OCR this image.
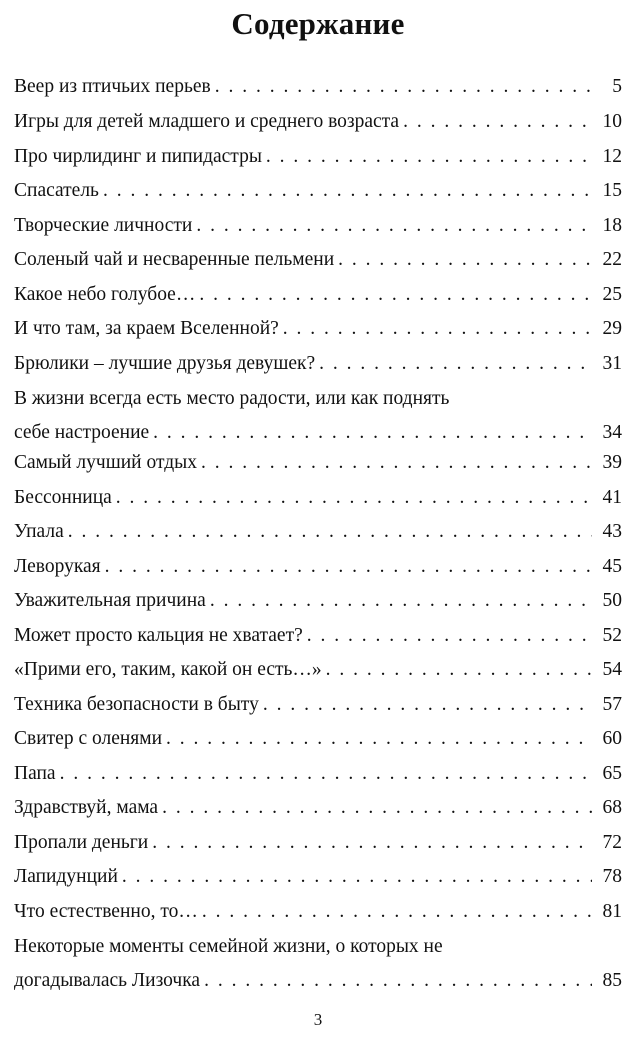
Содержание
Веер из птичьих перьев . . .	5
Игры для детей младшего и среднего возраста . . .	10
Про чирлидинг и пипидастры . . .	12
Спасатель . . .	15
Творческие личности . . .	18
Соленый чай и несваренные пельмени . . .	22
Какое небо голубое… . . .	25
И что там, за краем Вселенной? . . .	29
Брюлики – лучшие друзья девушек? . . .	31
В жизни всегда есть место радости, или как поднять
себе настроение . . .	34
Самый лучший отдых . . .	39
Бессонница . . .	41
Упала . . .	43
Леворукая . . .	45
Уважительная причина . . .	50
Может просто кальция не хватает? . . .	52
«Прими его, таким, какой он есть…» . . .	54
Техника безопасности в быту . . .	57
Свитер с оленями . . .	60
Папа . . .	65
Здравствуй, мама . . .	68
Пропали деньги . . .	72
Лапидунций . . .	78
Что естественно, то… . . .	81
Некоторые моменты семейной жизни, о которых не
догадывалась Лизочка . . .	85
3
